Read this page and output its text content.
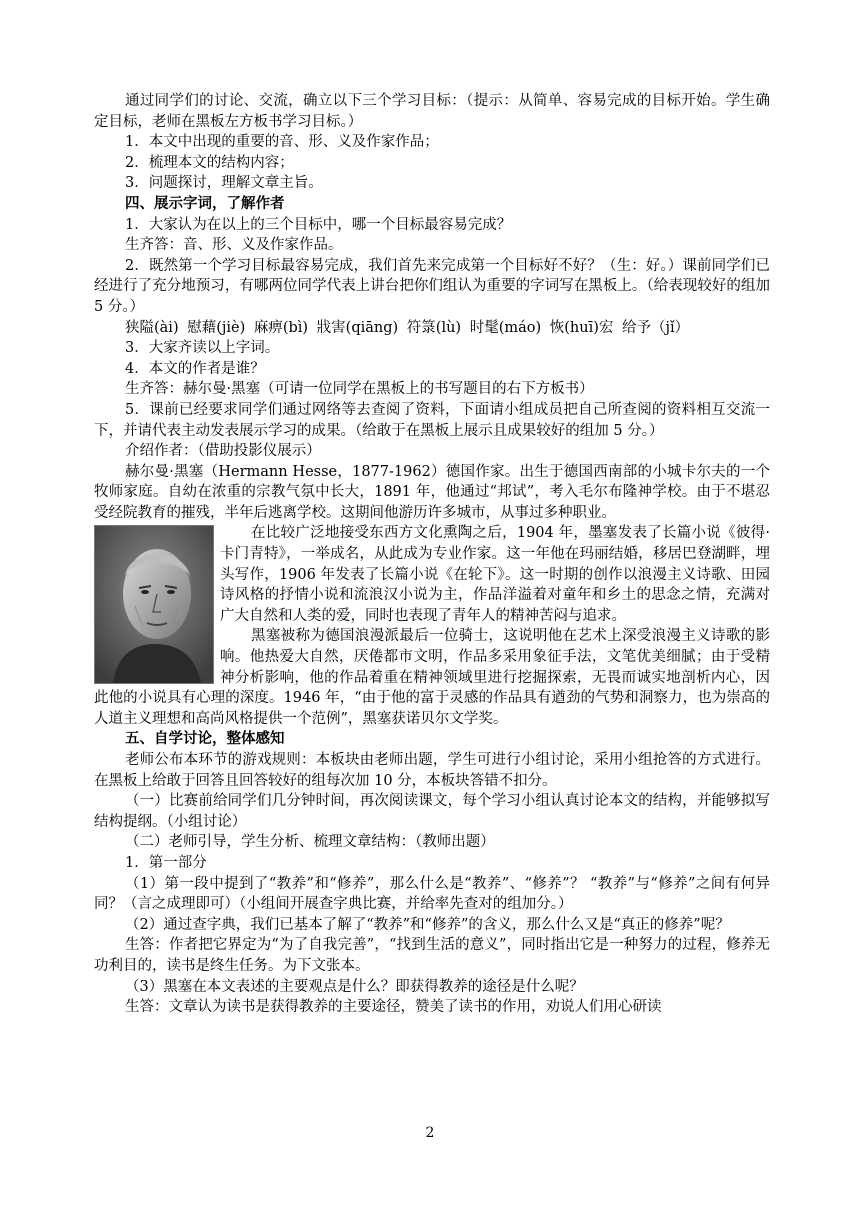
通过同学们的讨论、交流，确立以下三个学习目标：（提示：从简单、容易完成的目标开始。学生确定目标，老师在黑板左方板书学习目标。）

1．本文中出现的重要的音、形、义及作家作品；

2．梳理本文的结构内容；

3．问题探讨，理解文章主旨。

四、展示字词，了解作者

1．大家认为在以上的三个目标中，哪一个目标最容易完成？

生齐答：音、形、义及作家作品。

2．既然第一个学习目标最容易完成，我们首先来完成第一个目标好不好？（生：好。）课前同学们已经进行了充分地预习，有哪两位同学代表上讲台把你们组认为重要的字词写在黑板上。（给表现较好的组加 5 分。）

狭隘(ài) 慰藉(jiè) 麻痹(bì) 戕害(qiāng) 符箓(lù) 时髦(máo) 恢(huī)宏 给予（jǐ）

3．大家齐读以上字词。

4．本文的作者是谁？

生齐答：赫尔曼·黑塞（可请一位同学在黑板上的书写题目的右下方板书）

5．课前已经要求同学们通过网络等去查阅了资料，下面请小组成员把自己所查阅的资料相互交流一下，并请代表主动发表展示学习的成果。（给敢于在黑板上展示且成果较好的组加 5 分。）

介绍作者：（借助投影仪展示）

赫尔曼·黑塞（Hermann Hesse，1877-1962）德国作家。出生于德国西南部的小城卡尔夫的一个牧师家庭。自幼在浓重的宗教气氛中长大，1891 年，他通过“邦试”，考入毛尔布隆神学校。由于不堪忍受经院教育的摧残，半年后逃离学校。这期间他游历许多城市，从事过多种职业。

在比较广泛地接受东西方文化熏陶之后，1904 年，墨塞发表了长篇小说《彼得·卡门青特》，一举成名，从此成为专业作家。这一年他在玛丽结婚，移居巴登湖畔，埋头写作，1906 年发表了长篇小说《在轮下》。这一时期的创作以浪漫主义诗歌、田园诗风格的抒情小说和流浪汉小说为主，作品洋溢着对童年和乡土的思念之情，充满对广大自然和人类的爱，同时也表现了青年人的精神苦闷与追求。

黑塞被称为德国浪漫派最后一位骑士，这说明他在艺术上深受浪漫主义诗歌的影响。他热爱大自然，厌倦都市文明，作品多采用象征手法，文笔优美细腻；由于受精神分析影响，他的作品着重在精神领域里进行挖掘探索，无畏而诚实地剖析内心，因此他的小说具有心理的深度。1946 年，“由于他的富于灵感的作品具有遒劲的气势和洞察力，也为崇高的人道主义理想和高尚风格提供一个范例”，黑塞获诺贝尔文学奖。

五、自学讨论，整体感知

老师公布本环节的游戏规则：本板块由老师出题，学生可进行小组讨论，采用小组抢答的方式进行。在黑板上给敢于回答且回答较好的组每次加 10 分，本板块答错不扣分。

（一）比赛前给同学们几分钟时间，再次阅读课文，每个学习小组认真讨论本文的结构，并能够拟写结构提纲。（小组讨论）

（二）老师引导，学生分析、梳理文章结构：（教师出题）

1．第一部分

（1）第一段中提到了“教养”和“修养”，那么什么是“教养”、“修养”？ “教养”与“修养”之间有何异同？（言之成理即可）（小组间开展查字典比赛，并给率先查对的组加分。）

（2）通过查字典，我们已基本了解了“教养”和“修养”的含义，那么什么又是“真正的修养”呢？

生答：作者把它界定为“为了自我完善”，“找到生活的意义”，同时指出它是一种努力的过程，修养无功利目的，读书是终生任务。为下文张本。

（3）黑塞在本文表述的主要观点是什么？即获得教养的途径是什么呢？

生答：文章认为读书是获得教养的主要途径，赞美了读书的作用，劝说人们用心研读

2
